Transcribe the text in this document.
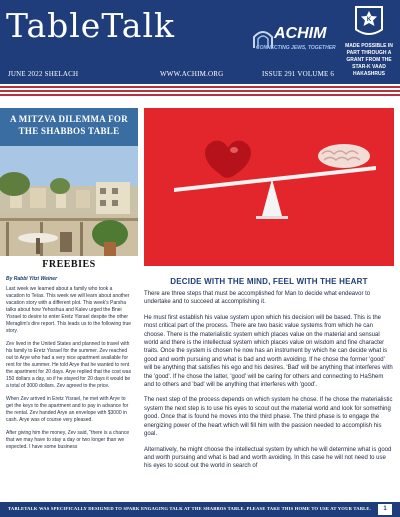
TableTalk	ACHIM
CONNECTING JEWS, TOGETHER
K
MADE POSSIBLE IN PART THROUGH A GRANT FROM THE STAR-K VAAD HAKASHRUS
JUNE 2022 SHELACH	WWW.ACHIM.ORG	ISSUE 291 VOLUME 6
A MITZVA DILEMMA FOR THE SHABBOS TABLE
FREEBIES
By Rabbi Yitzi Weiner

Last week we learned about a family who took a vacation to Teïas. This week we will learn about another vacation story with a different plot. This week's Parsha talks about how Yehoshua and Kalev urged the Bnei Yisrael to desire to enter Eretz Yisrael despite the other Meraglim's dire report. This leads us to the following true story.

Zev lived in the United States and planned to travel with his family to Eretz Yisrael for the summer. Zev reached out to Arye who had a very nice apartment available for rent for the summer. He told Arye that he wanted to rent the apartment for 20 days. Arye replied that the cost was 150 dollars a day, so if he stayed for 20 days it would be a total of 3000 dollars. Zev agreed to the price.

When Zev arrived in Eretz Yisrael, he met with Arye to get the keys to the apartment and to pay in advance for the rental. Zev handed Arye an envelope with $3000 in cash. Arye was of course very pleased.

After giving him the money, Zev said, "there is a chance that we may have to stay a day or two longer than we expected. I have some business

DECIDE WITH THE MIND, FEEL WITH THE HEART

There are three steps that must be accomplished for Man to decide what endeavor to undertake and to succeed at accomplishing it.

He must first establish his value system upon which his decision will be based. This is the most critical part of the process. There are two basic value systems from which he can choose. There is the materialistic system which places value on the material and sensual world and there is the intellectual system which places value on wisdom and fine character traits. Once the system is chosen he now has an instrument by which he can decide what is good and worth pursuing and what is bad and worth avoiding. If he chose the former 'good' will be anything that satisfies his ego and his desires. 'Bad' will be anything that interferes with the 'good'. If he chose the latter, 'good' will be caring for others and connecting to HaShem and to others and 'bad' will be anything that interferes with 'good'.

The next step of the process depends on which system he chose. If he chose the materialistic system the next step is to use his eyes to scout out the material world and look for something good. Once that is found he moves into the third phase. The third phase is to engage the energizing power of the heart which will fill him with the passion needed to accomplish his goal.

Alternatively, he might choose the intellectual system by which he will determine what is good and worth pursuing and what is bad and worth avoiding. In this case he will not need to use his eyes to scout out the world in search of

TABLETALK WAS SPECIFICALLY DESIGNED TO SPARK ENGAGING TALK AT THE SHABBOS TABLE. PLEASE TAKE THIS HOME TO USE AT YOUR TABLE.	1
